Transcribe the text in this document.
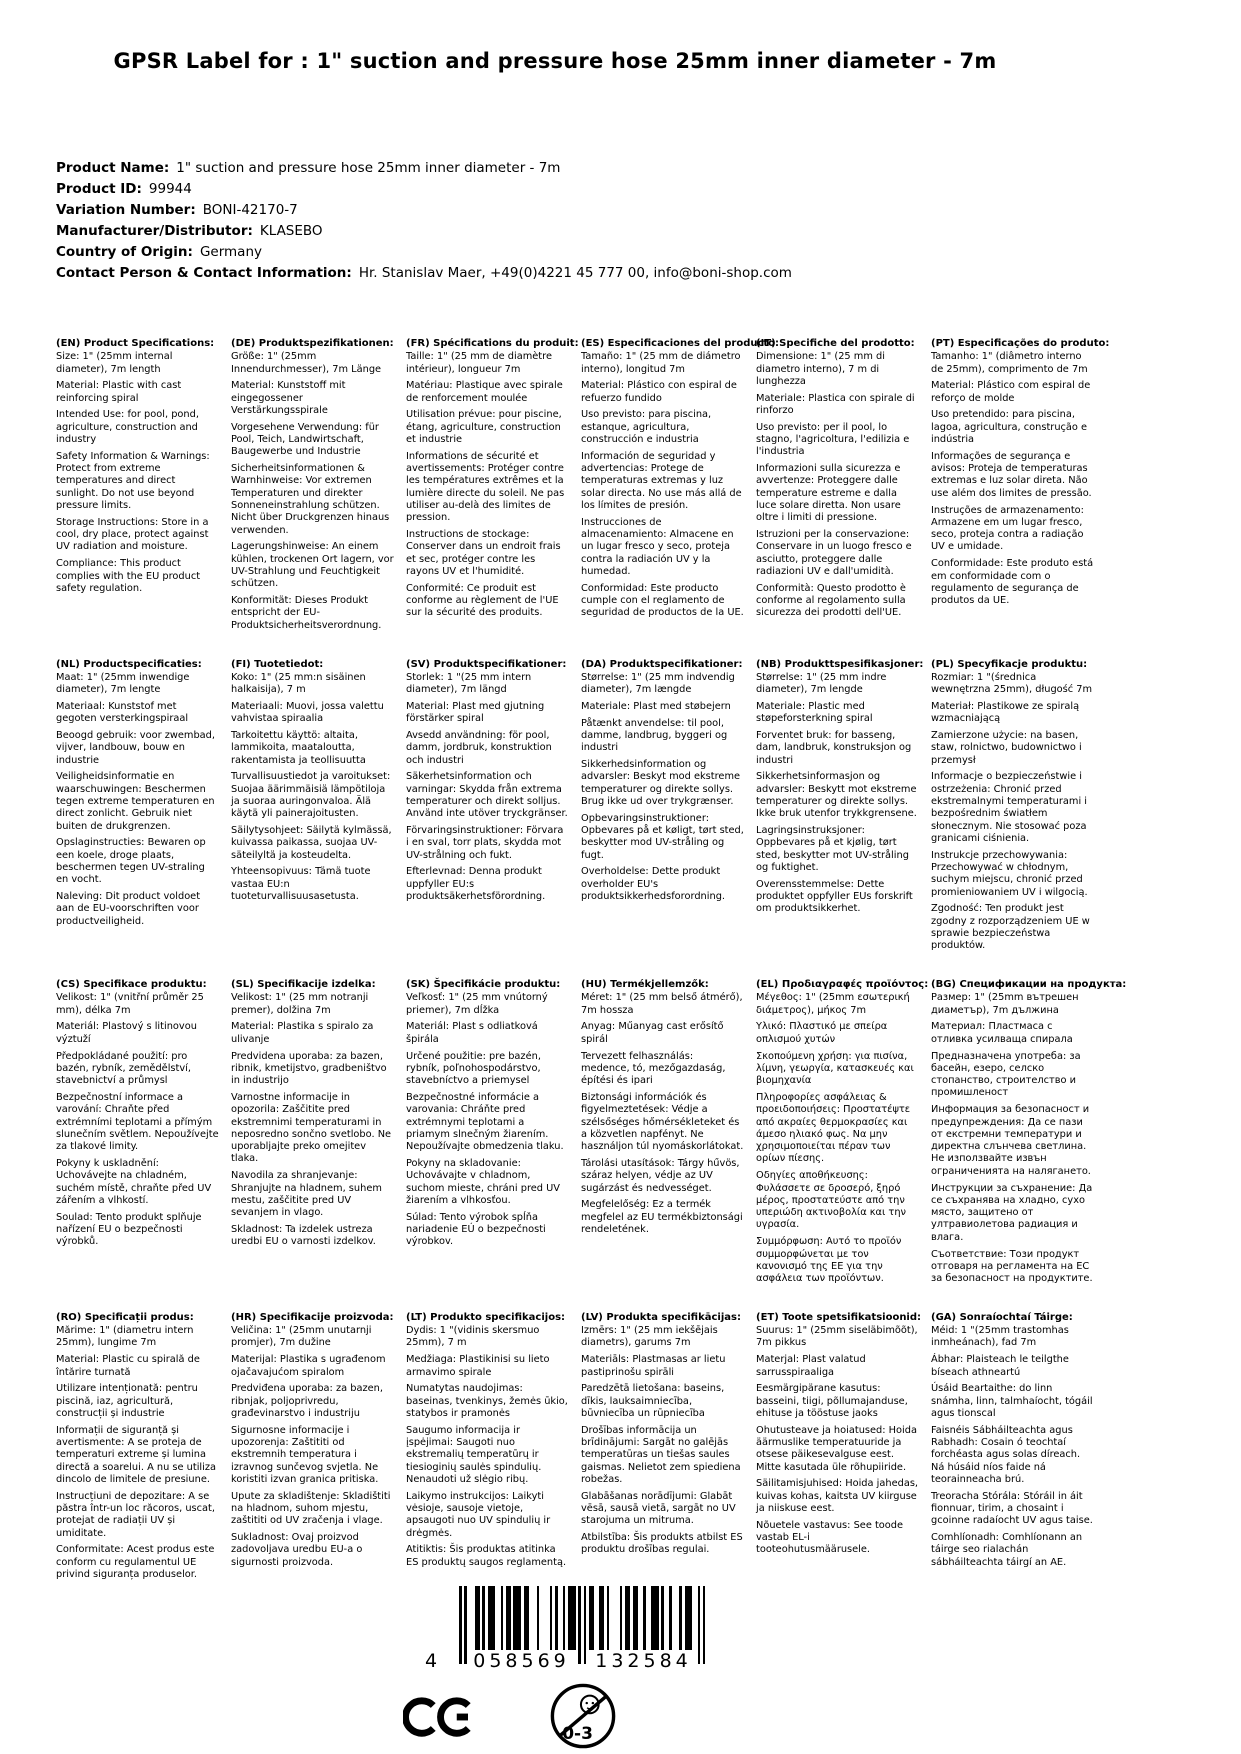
GPSR Label for : 1" suction and pressure hose 25mm inner diameter - 7m
Product Name: 1" suction and pressure hose 25mm inner diameter - 7m
Product ID: 99944
Variation Number: BONI-42170-7
Manufacturer/Distributor: KLASEBO
Country of Origin: Germany
Contact Person & Contact Information: Hr. Stanislav Maer, +49(0)4221 45 777 00, info@boni-shop.com
(EN) Product Specifications:

Size: 1" (25mm internal diameter), 7m length

Material: Plastic with cast reinforcing spiral

Intended Use: for pool, pond, agriculture, construction and industry

Safety Information & Warnings: Protect from extreme temperatures and direct sunlight. Do not use beyond pressure limits.

Storage Instructions: Store in a cool, dry place, protect against UV radiation and moisture.

Compliance: This product complies with the EU product safety regulation.

(DE) Produktspezifikationen:

Größe: 1" (25mm Innendurchmesser), 7m Länge

Material: Kunststoff mit eingegossener Verstärkungsspirale

Vorgesehene Verwendung: für Pool, Teich, Landwirtschaft, Baugewerbe und Industrie

Sicherheitsinformationen & Warnhinweise: Vor extremen Temperaturen und direkter Sonneneinstrahlung schützen. Nicht über Druckgrenzen hinaus verwenden.

Lagerungshinweise: An einem kühlen, trockenen Ort lagern, vor UV-Strahlung und Feuchtigkeit schützen.

Konformität: Dieses Produkt entspricht der EU-Produktsicherheitsverordnung.

(FR) Spécifications du produit:

Taille: 1" (25 mm de diamètre intérieur), longueur 7m

Matériau: Plastique avec spirale de renforcement moulée

Utilisation prévue: pour piscine, étang, agriculture, construction et industrie

Informations de sécurité et avertissements: Protéger contre les températures extrêmes et la lumière directe du soleil. Ne pas utiliser au-delà des limites de pression.

Instructions de stockage: Conserver dans un endroit frais et sec, protéger contre les rayons UV et l'humidité.

Conformité: Ce produit est conforme au règlement de l'UE sur la sécurité des produits.

(ES) Especificaciones del producto:

Tamaño: 1" (25 mm de diámetro interno), longitud 7m

Material: Plástico con espiral de refuerzo fundido

Uso previsto: para piscina, estanque, agricultura, construcción e industria

Información de seguridad y advertencias: Protege de temperaturas extremas y luz solar directa. No use más allá de los límites de presión.

Instrucciones de almacenamiento: Almacene en un lugar fresco y seco, proteja contra la radiación UV y la humedad.

Conformidad: Este producto cumple con el reglamento de seguridad de productos de la UE.

(IT) Specifiche del prodotto:

Dimensione: 1" (25 mm di diametro interno), 7 m di lunghezza

Materiale: Plastica con spirale di rinforzo

Uso previsto: per il pool, lo stagno, l'agricoltura, l'edilizia e l'industria

Informazioni sulla sicurezza e avvertenze: Proteggere dalle temperature estreme e dalla luce solare diretta. Non usare oltre i limiti di pressione.

Istruzioni per la conservazione: Conservare in un luogo fresco e asciutto, proteggere dalle radiazioni UV e dall'umidità.

Conformità: Questo prodotto è conforme al regolamento sulla sicurezza dei prodotti dell'UE.

(PT) Especificações do produto:

Tamanho: 1" (diâmetro interno de 25mm), comprimento de 7m

Material: Plástico com espiral de reforço de molde

Uso pretendido: para piscina, lagoa, agricultura, construção e indústria

Informações de segurança e avisos: Proteja de temperaturas extremas e luz solar direta. Não use além dos limites de pressão.

Instruções de armazenamento: Armazene em um lugar fresco, seco, proteja contra a radiação UV e umidade.

Conformidade: Este produto está em conformidade com o regulamento de segurança de produtos da UE.

(NL) Productspecificaties:

Maat: 1" (25mm inwendige diameter), 7m lengte

Materiaal: Kunststof met gegoten versterkingspiraal

Beoogd gebruik: voor zwembad, vijver, landbouw, bouw en industrie

Veiligheidsinformatie en waarschuwingen: Beschermen tegen extreme temperaturen en direct zonlicht. Gebruik niet buiten de drukgrenzen.

Opslaginstructies: Bewaren op een koele, droge plaats, beschermen tegen UV-straling en vocht.

Naleving: Dit product voldoet aan de EU-voorschriften voor productveiligheid.

(FI) Tuotetiedot:

Koko: 1" (25 mm:n sisäinen halkaisija), 7 m

Materiaali: Muovi, jossa valettu vahvistaa spiraalia

Tarkoitettu käyttö: altaita, lammikoita, maataloutta, rakentamista ja teollisuutta

Turvallisuustiedot ja varoitukset: Suojaa äärimmäisiä lämpötiloja ja suoraa auringonvaloa. Älä käytä yli painerajoitusten.

Säilytysohjeet: Säilytä kylmässä, kuivassa paikassa, suojaa UV-säteilyltä ja kosteudelta.

Yhteensopivuus: Tämä tuote vastaa EU:n tuoteturvallisuusasetusta.

(SV) Produktspecifikationer:

Storlek: 1 "(25 mm intern diameter), 7m längd

Material: Plast med gjutning förstärker spiral

Avsedd användning: för pool, damm, jordbruk, konstruktion och industri

Säkerhetsinformation och varningar: Skydda från extrema temperaturer och direkt solljus. Använd inte utöver tryckgränser.

Förvaringsinstruktioner: Förvara i en sval, torr plats, skydda mot UV-strålning och fukt.

Efterlevnad: Denna produkt uppfyller EU:s produktsäkerhetsförordning.

(DA) Produktspecifikationer:

Størrelse: 1" (25 mm indvendig diameter), 7m længde

Materiale: Plast med støbejern

Påtænkt anvendelse: til pool, damme, landbrug, byggeri og industri

Sikkerhedsinformation og advarsler: Beskyt mod ekstreme temperaturer og direkte sollys. Brug ikke ud over trykgrænser.

Opbevaringsinstruktioner: Opbevares på et køligt, tørt sted, beskytter mod UV-stråling og fugt.

Overholdelse: Dette produkt overholder EU's produktsikkerhedsforordning.

(NB) Produkttspesifikasjoner:

Størrelse: 1" (25 mm indre diameter), 7m lengde

Materiale: Plastic med støpeforsterkning spiral

Forventet bruk: for basseng, dam, landbruk, konstruksjon og industri

Sikkerhetsinformasjon og advarsler: Beskytt mot ekstreme temperaturer og direkte sollys. Ikke bruk utenfor trykkgrensene.

Lagringsinstruksjoner: Oppbevares på et kjølig, tørt sted, beskytter mot UV-stråling og fuktighet.

Overensstemmelse: Dette produktet oppfyller EUs forskrift om produktsikkerhet.

(PL) Specyfikacje produktu:

Rozmiar: 1 "(średnica wewnętrzna 25mm), długość 7m

Materiał: Plastikowe ze spiralą wzmacniającą

Zamierzone użycie: na basen, staw, rolnictwo, budownictwo i przemysł

Informacje o bezpieczeństwie i ostrzeżenia: Chronić przed ekstremalnymi temperaturami i bezpośrednim światłem słonecznym. Nie stosować poza granicami ciśnienia.

Instrukcje przechowywania: Przechowywać w chłodnym, suchym miejscu, chronić przed promieniowaniem UV i wilgocią.

Zgodność: Ten produkt jest zgodny z rozporządzeniem UE w sprawie bezpieczeństwa produktów.

(CS) Specifikace produktu:

Velikost: 1" (vnitřní průměr 25 mm), délka 7m

Materiál: Plastový s litinovou výztuží

Předpokládané použití: pro bazén, rybník, zemědělství, stavebnictví a průmysl

Bezpečnostní informace a varování: Chraňte před extrémními teplotami a přímým slunečním světlem. Nepoužívejte za tlakové limity.

Pokyny k uskladnění: Uchovávejte na chladném, suchém místě, chraňte před UV zářením a vlhkostí.

Soulad: Tento produkt splňuje nařízení EU o bezpečnosti výrobků.

(SL) Specifikacije izdelka:

Velikost: 1" (25 mm notranji premer), dolžina 7m

Material: Plastika s spiralo za ulivanje

Predvidena uporaba: za bazen, ribnik, kmetijstvo, gradbeništvo in industrijo

Varnostne informacije in opozorila: Zaščitite pred ekstremnimi temperaturami in neposredno sončno svetlobo. Ne uporabljajte preko omejitev tlaka.

Navodila za shranjevanje: Shranjujte na hladnem, suhem mestu, zaščitite pred UV sevanjem in vlago.

Skladnost: Ta izdelek ustreza uredbi EU o varnosti izdelkov.

(SK) Špecifikácie produktu:

Veľkosť: 1" (25 mm vnútorný priemer), 7m dĺžka

Materiál: Plast s odliatková špirála

Určené použitie: pre bazén, rybník, poľnohospodárstvo, stavebníctvo a priemysel

Bezpečnostné informácie a varovania: Chráňte pred extrémnymi teplotami a priamym slnečným žiarením. Nepoužívajte obmedzenia tlaku.

Pokyny na skladovanie: Uchovávajte v chladnom, suchom mieste, chráni pred UV žiarením a vlhkosťou.

Súlad: Tento výrobok spĺňa nariadenie EÚ o bezpečnosti výrobkov.

(HU) Termékjellemzők:

Méret: 1" (25 mm belső átmérő), 7m hossza

Anyag: Műanyag cast erősítő spirál

Tervezett felhasználás: medence, tó, mezőgazdaság, építési és ipari

Biztonsági információk és figyelmeztetések: Védje a szélsőséges hőmérsékleteket és a közvetlen napfényt. Ne használjon túl nyomáskorlátokat.

Tárolási utasítások: Tárgy hűvös, száraz helyen, védje az UV sugárzást és nedvességet.

Megfelelőség: Ez a termék megfelel az EU termékbiztonsági rendeletének.

(EL) Προδιαγραφές προϊόντος:

Μέγεθος: 1" (25mm εσωτερική διάμετρος), μήκος 7m

Υλικό: Πλαστικό με σπείρα οπλισμού χυτών

Σκοπούμενη χρήση: για πισίνα, λίμνη, γεωργία, κατασκευές και βιομηχανία

Πληροφορίες ασφάλειας & προειδοποιήσεις: Προστατέψτε από ακραίες θερμοκρασίες και άμεσο ηλιακό φως. Να μην χρησιμοποιείται πέραν των ορίων πίεσης.

Οδηγίες αποθήκευσης: Φυλάσσετε σε δροσερό, ξηρό μέρος, προστατεύστε από την υπεριώδη ακτινοβολία και την υγρασία.

Συμμόρφωση: Αυτό το προϊόν συμμορφώνεται με τον κανονισμό της ΕΕ για την ασφάλεια των προϊόντων.

(BG) Спецификации на продукта:

Размер: 1" (25mm вътрешен диаметър), 7m дължина

Материал: Пластмаса с отливка усилваща спирала

Предназначена употреба: за басейн, езеро, селско стопанство, строителство и промишленост

Информация за безопасност и предупреждения: Да се пази от екстремни температури и директна слънчева светлина. Не използвайте извън ограниченията на налягането.

Инструкции за съхранение: Да се съхранява на хладно, сухо място, защитено от ултравиолетова радиация и влага.

Съответствие: Този продукт отговаря на регламента на ЕС за безопасност на продуктите.

(RO) Specificații produs:

Mărime: 1" (diametru intern 25mm), lungime 7m

Material: Plastic cu spirală de întărire turnată

Utilizare intenționată: pentru piscină, iaz, agricultură, construcții și industrie

Informații de siguranță și avertismente: A se proteja de temperaturi extreme și lumina directă a soarelui. A nu se utiliza dincolo de limitele de presiune.

Instrucțiuni de depozitare: A se păstra într-un loc răcoros, uscat, protejat de radiații UV și umiditate.

Conformitate: Acest produs este conform cu regulamentul UE privind siguranța produselor.

(HR) Specifikacije proizvoda:

Veličina: 1" (25mm unutarnji promjer), 7m dužine

Materijal: Plastika s ugrađenom ojačavajućom spiralom

Predviđena uporaba: za bazen, ribnjak, poljoprivredu, građevinarstvo i industriju

Sigurnosne informacije i upozorenja: Zaštititi od ekstremnih temperatura i izravnog sunčevog svjetla. Ne koristiti izvan granica pritiska.

Upute za skladištenje: Skladištiti na hladnom, suhom mjestu, zaštititi od UV zračenja i vlage.

Sukladnost: Ovaj proizvod zadovoljava uredbu EU-a o sigurnosti proizvoda.

(LT) Produkto specifikacijos:

Dydis: 1 "(vidinis skersmuo 25mm), 7 m

Medžiaga: Plastikinisi su lieto armavimo spirale

Numatytas naudojimas: baseinas, tvenkinys, žemės ūkio, statybos ir pramonės

Saugumo informacija ir įspėjimai: Saugoti nuo ekstremalių temperatūrų ir tiesioginių saulės spindulių. Nenaudoti už slėgio ribų.

Laikymo instrukcijos: Laikyti vėsioje, sausoje vietoje, apsaugoti nuo UV spindulių ir drėgmės.

Atitiktis: Šis produktas atitinka ES produktų saugos reglamentą.

(LV) Produkta specifikācijas:

Izmērs: 1" (25 mm iekšējais diametrs), garums 7m

Materiāls: Plastmasas ar lietu pastiprinošu spirāli

Paredzētā lietošana: baseins, dīkis, lauksaimniecība, būvniecība un rūpniecība

Drošības informācija un brīdinājumi: Sargāt no galējās temperatūras un tiešas saules gaismas. Nelietot zem spiediena robežas.

Glabāšanas norādījumi: Glabāt vēsā, sausā vietā, sargāt no UV starojuma un mitruma.

Atbilstība: Šis produkts atbilst ES produktu drošības regulai.

(ET) Toote spetsifikatsioonid:

Suurus: 1" (25mm siseläbimõõt), 7m pikkus

Materjal: Plast valatud sarrusspiraaliga

Eesmärgipärane kasutus: basseini, tiigi, põllumajanduse, ehituse ja tööstuse jaoks

Ohutusteave ja hoiatused: Hoida äärmuslike temperatuuride ja otsese päikesevalguse eest. Mitte kasutada üle rõhupiiride.

Säilitamisjuhised: Hoida jahedas, kuivas kohas, kaitsta UV kiirguse ja niiskuse eest.

Nõuetele vastavus: See toode vastab EL-i tooteohutusmäärusele.

(GA) Sonraíochtaí Táirge:

Méid: 1 "(25mm trastomhas inmheánach), fad 7m

Ábhar: Plaisteach le teilgthe bíseach athneartú

Úsáid Beartaithe: do linn snámha, linn, talmhaíocht, tógáil agus tionscal

Faisnéis Sábháilteachta agus Rabhadh: Cosain ó teochtaí forchéasta agus solas díreach. Ná húsáid níos faide ná teorainneacha brú.

Treoracha Stórála: Stóráil in áit fionnuar, tirim, a chosaint i gcoinne radaíocht UV agus taise.

Comhlíonadh: Comhlíonann an táirge seo rialachán sábháilteachta táirgí an AE.

4	058569	132584
0-3
